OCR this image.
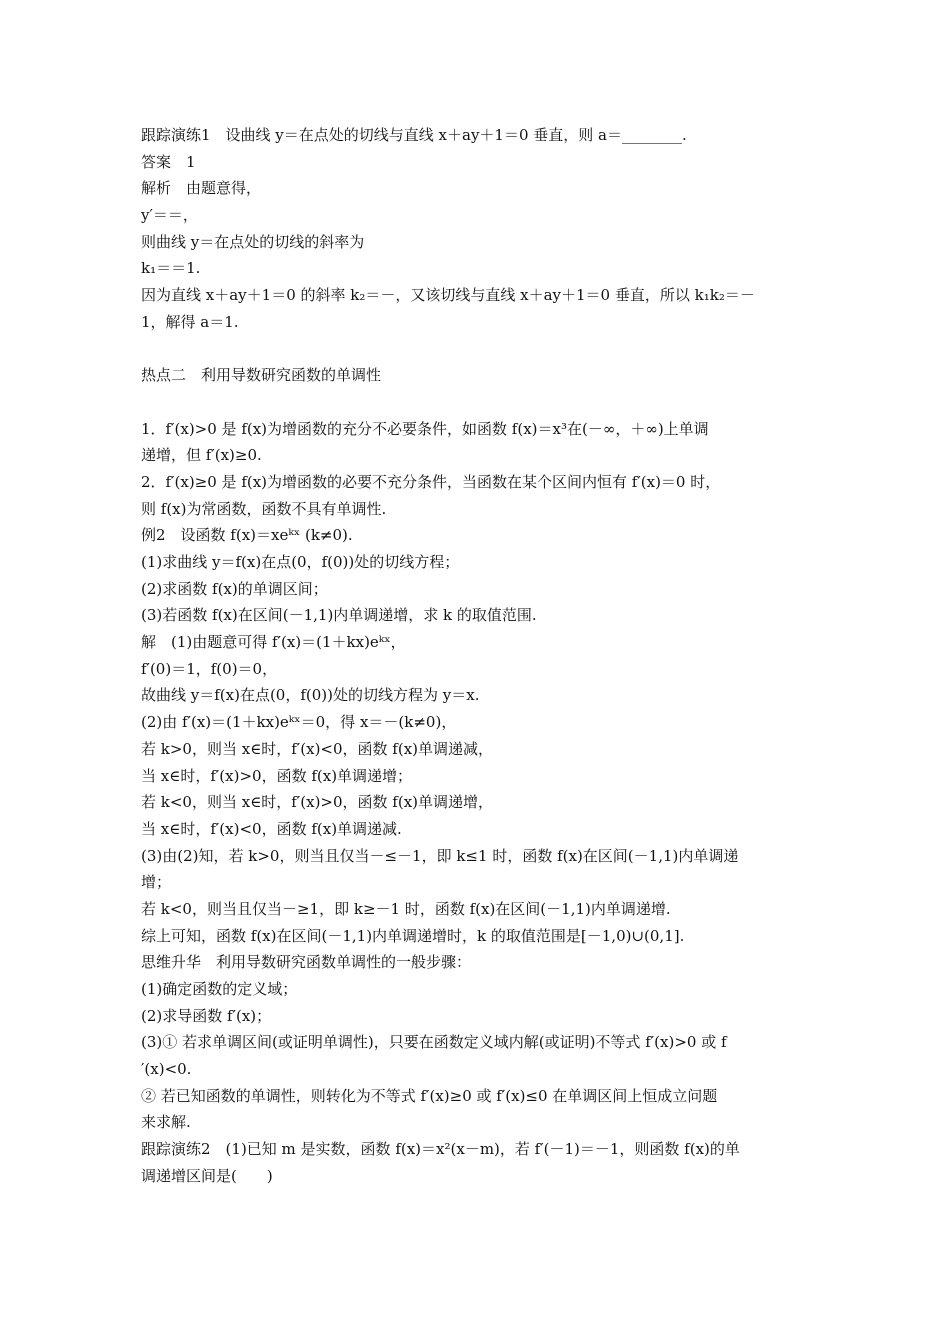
跟踪演练1　设曲线 y＝在点处的切线与直线 x＋ay＋1＝0 垂直，则 a＝________.
答案　1
解析　由题意得，
y′＝＝，
则曲线 y＝在点处的切线的斜率为
k₁＝＝1.
因为直线 x＋ay＋1＝0 的斜率 k₂＝－，又该切线与直线 x＋ay＋1＝0 垂直，所以 k₁k₂＝－
1，解得 a＝1.
热点二　利用导数研究函数的单调性
1．f′(x)>0 是 f(x)为增函数的充分不必要条件，如函数 f(x)＝x³在(－∞，＋∞)上单调
递增，但 f′(x)≥0.
2．f′(x)≥0 是 f(x)为增函数的必要不充分条件，当函数在某个区间内恒有 f′(x)＝0 时，
则 f(x)为常函数，函数不具有单调性.
例2　设函数 f(x)＝xeᵏˣ (k≠0).
(1)求曲线 y＝f(x)在点(0，f(0))处的切线方程；
(2)求函数 f(x)的单调区间；
(3)若函数 f(x)在区间(－1,1)内单调递增，求 k 的取值范围.
解　(1)由题意可得 f′(x)＝(1＋kx)eᵏˣ，
f′(0)＝1，f(0)＝0，
故曲线 y＝f(x)在点(0，f(0))处的切线方程为 y＝x.
(2)由 f′(x)＝(1＋kx)eᵏˣ＝0，得 x＝－(k≠0)，
若 k>0，则当 x∈时，f′(x)<0，函数 f(x)单调递减，
当 x∈时，f′(x)>0，函数 f(x)单调递增；
若 k<0，则当 x∈时，f′(x)>0，函数 f(x)单调递增，
当 x∈时，f′(x)<0，函数 f(x)单调递减.
(3)由(2)知，若 k>0，则当且仅当－≤－1，即 k≤1 时，函数 f(x)在区间(－1,1)内单调递
增；
若 k<0，则当且仅当－≥1，即 k≥－1 时，函数 f(x)在区间(－1,1)内单调递增.
综上可知，函数 f(x)在区间(－1,1)内单调递增时，k 的取值范围是[－1,0)∪(0,1].
思维升华　利用导数研究函数单调性的一般步骤：
(1)确定函数的定义域；
(2)求导函数 f′(x)；
(3)① 若求单调区间(或证明单调性)，只要在函数定义域内解(或证明)不等式 f′(x)>0 或 f
′(x)<0.
② 若已知函数的单调性，则转化为不等式 f′(x)≥0 或 f′(x)≤0 在单调区间上恒成立问题
来求解.
跟踪演练2　(1)已知 m 是实数，函数 f(x)＝x²(x－m)，若 f′(－1)＝－1，则函数 f(x)的单
调递增区间是(　　)
